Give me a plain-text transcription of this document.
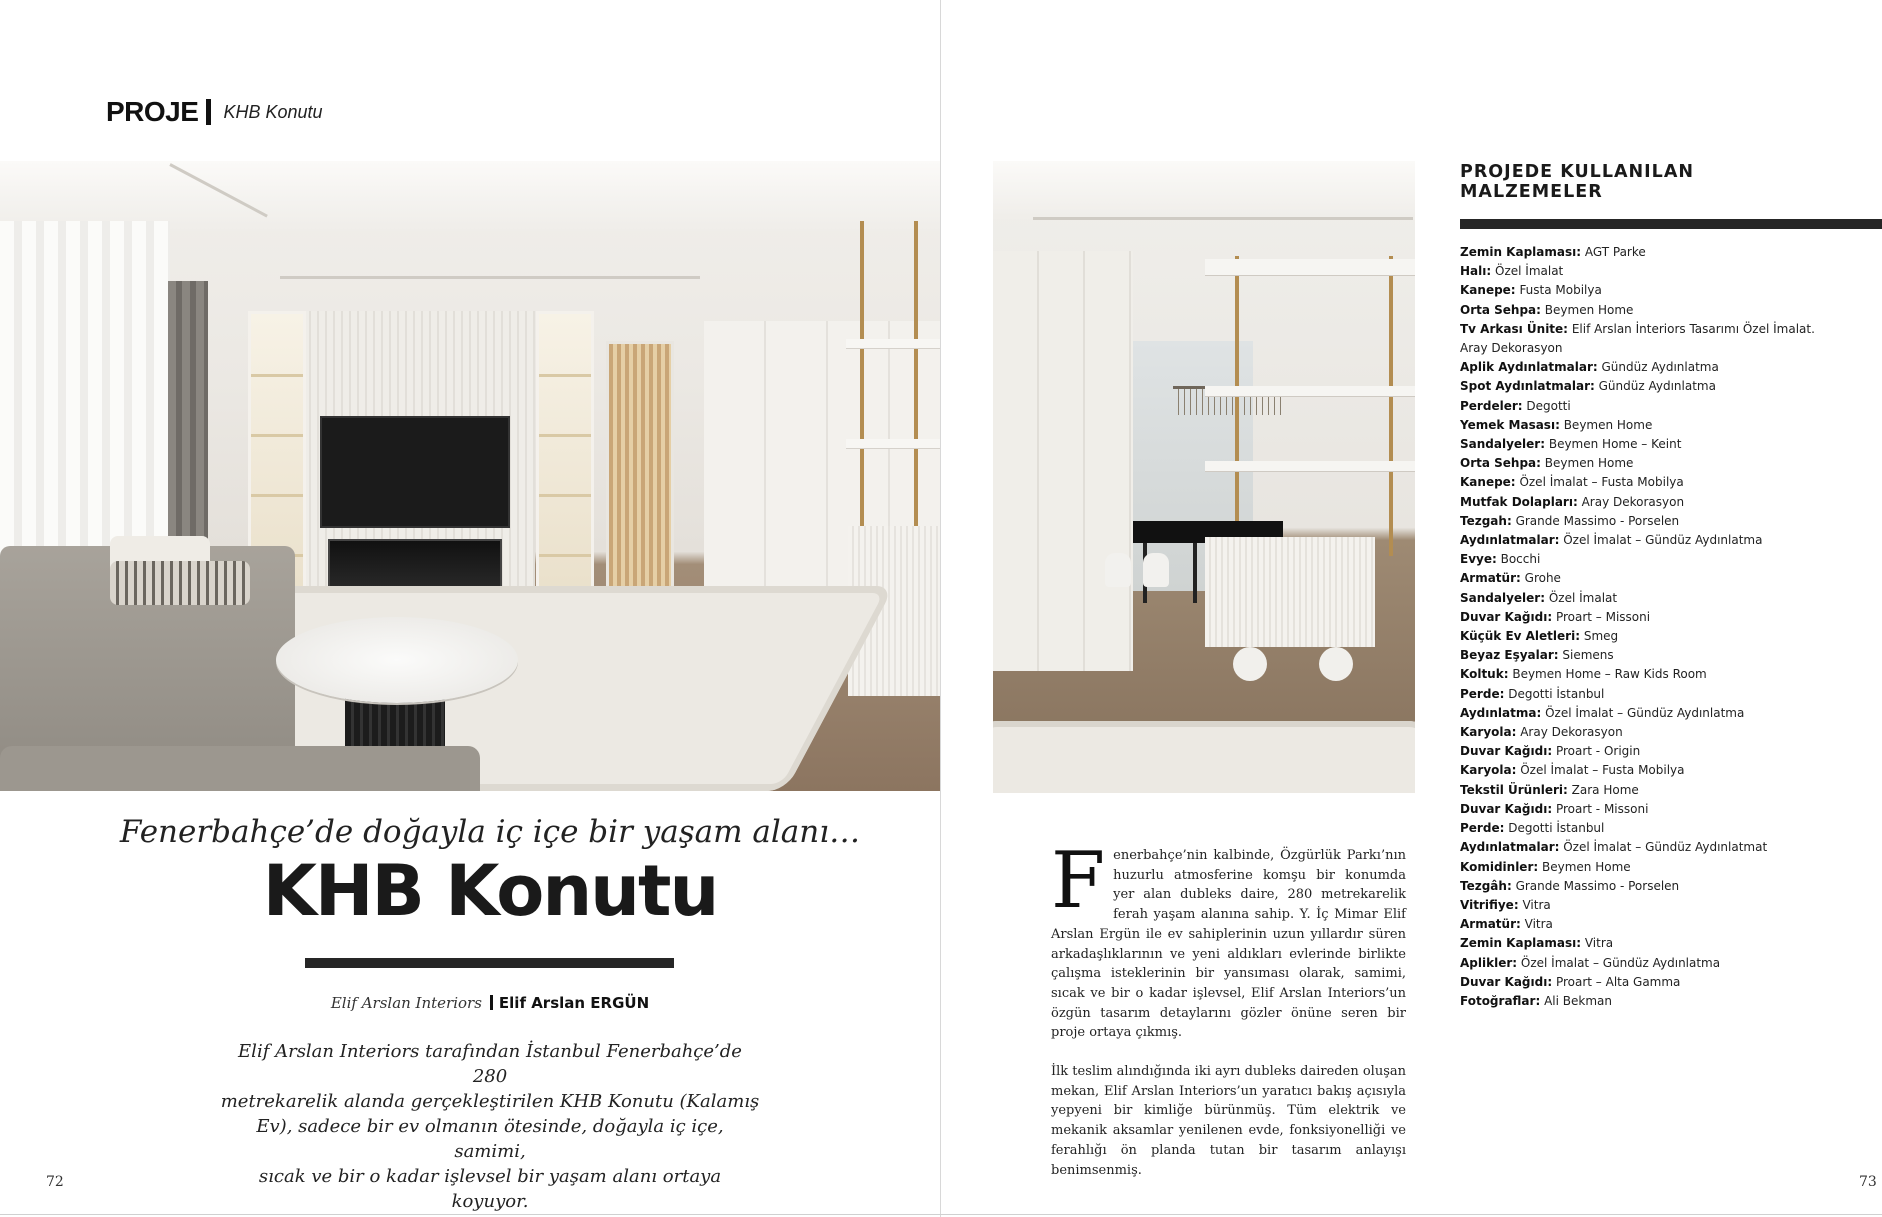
PROJE KHB Konutu
Fenerbahçe’de doğayla iç içe bir yaşam alanı…
KHB Konutu
Elif Arslan Interiors Elif Arslan ERGÜN
Elif Arslan Interiors tarafından İstanbul Fenerbahçe’de 280
metrekarelik alanda gerçekleştirilen KHB Konutu (Kalamış
Ev), sadece bir ev olmanın ötesinde, doğayla iç içe, samimi,
sıcak ve bir o kadar işlevsel bir yaşam alanı ortaya koyuyor.
72

Fenerbahçe’nin kalbinde, Özgürlük Parkı’nın huzurlu atmosferine komşu bir konumda yer alan dubleks daire, 280 metrekarelik ferah yaşam alanına sahip. Y. İç Mimar Elif Arslan Ergün ile ev sahiplerinin uzun yıllardır süren arkadaşlıklarının ve yeni aldıkları evlerinde birlikte çalışma isteklerinin bir yansıması olarak, samimi, sıcak ve bir o kadar işlevsel, Elif Arslan Interiors’un özgün tasarım detaylarını gözler önüne seren bir proje ortaya çıkmış.

İlk teslim alındığında iki ayrı dubleks daireden oluşan mekan, Elif Arslan Interiors’un yaratıcı bakış açısıyla yepyeni bir kimliğe bürünmüş. Tüm elektrik ve mekanik aksamlar yenilenen evde, fonksiyonelliği ve ferahlığı ön planda tutan bir tasarım anlayışı benimsenmiş.

PROJEDE KULLANILAN
MALZEMELER
Zemin Kaplaması: AGT Parke
Halı: Özel İmalat
Kanepe: Fusta Mobilya
Orta Sehpa: Beymen Home
Tv Arkası Ünite: Elif Arslan İnteriors Tasarımı Özel İmalat.
Aray Dekorasyon
Aplik Aydınlatmalar: Gündüz Aydınlatma
Spot Aydınlatmalar: Gündüz Aydınlatma
Perdeler: Degotti
Yemek Masası: Beymen Home
Sandalyeler: Beymen Home – Keint
Orta Sehpa: Beymen Home
Kanepe: Özel İmalat – Fusta Mobilya
Mutfak Dolapları: Aray Dekorasyon
Tezgah: Grande Massimo - Porselen
Aydınlatmalar: Özel İmalat – Gündüz Aydınlatma
Evye: Bocchi
Armatür: Grohe
Sandalyeler: Özel İmalat
Duvar Kağıdı: Proart – Missoni
Küçük Ev Aletleri: Smeg
Beyaz Eşyalar: Siemens
Koltuk: Beymen Home – Raw Kids Room
Perde: Degotti İstanbul
Aydınlatma: Özel İmalat – Gündüz Aydınlatma
Karyola: Aray Dekorasyon
Duvar Kağıdı: Proart - Origin
Karyola: Özel İmalat – Fusta Mobilya
Tekstil Ürünleri: Zara Home
Duvar Kağıdı: Proart - Missoni
Perde: Degotti İstanbul
Aydınlatmalar: Özel İmalat – Gündüz Aydınlatmat
Komidinler: Beymen Home
Tezgâh: Grande Massimo - Porselen
Vitrifiye: Vitra
Armatür: Vitra
Zemin Kaplaması: Vitra
Aplikler: Özel İmalat – Gündüz Aydınlatma
Duvar Kağıdı: Proart – Alta Gamma
Fotoğraflar: Ali Bekman
73
